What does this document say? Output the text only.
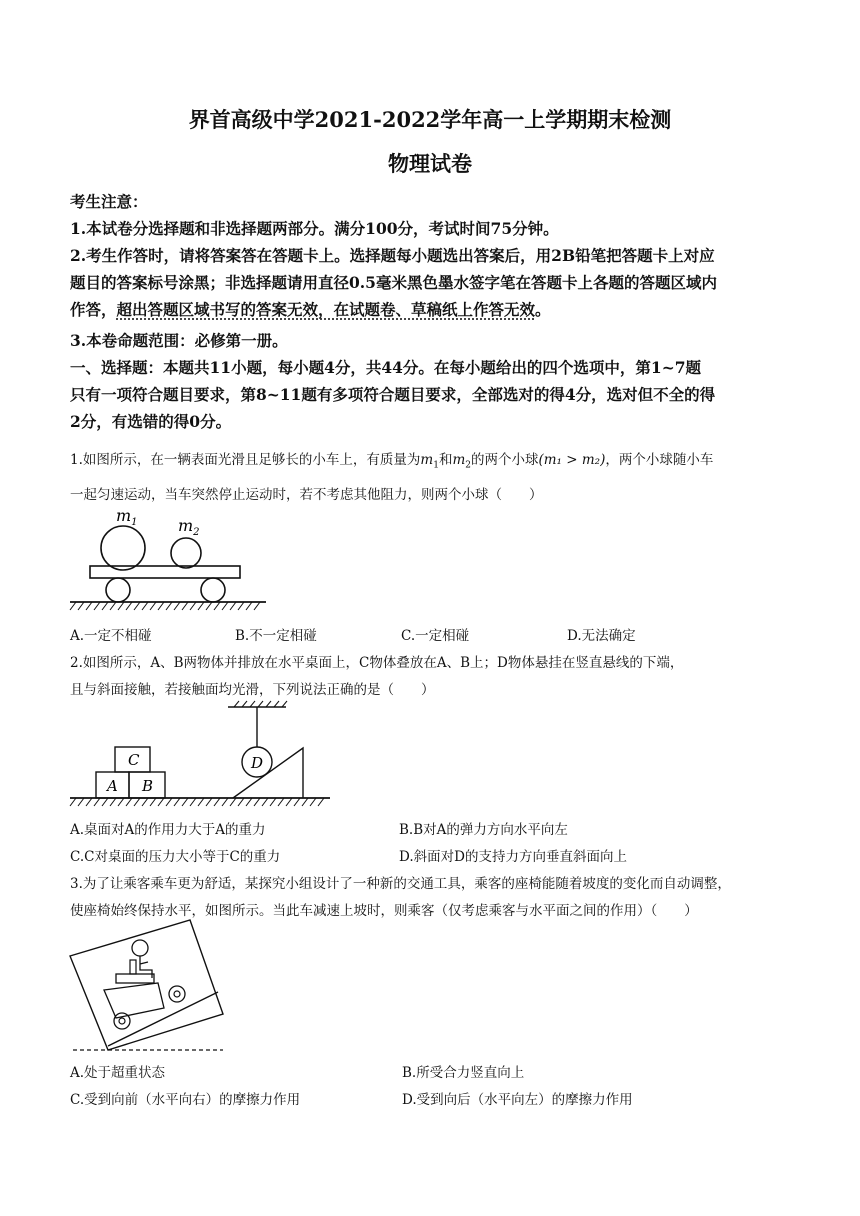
界首高级中学2021-2022学年高一上学期期末检测
物理试卷
考生注意：
1.本试卷分选择题和非选择题两部分。满分100分，考试时间75分钟。
2.考生作答时，请将答案答在答题卡上。选择题每小题选出答案后，用2B铅笔把答题卡上对应
题目的答案标号涂黑；非选择题请用直径0.5毫米黑色墨水签字笔在答题卡上各题的答题区域内
作答，超出答题区域书写的答案无效，在试题卷、草稿纸上作答无效。
3.本卷命题范围：必修第一册。
一、选择题：本题共11小题，每小题4分，共44分。在每小题给出的四个选项中，第1~7题
只有一项符合题目要求，第8~11题有多项符合题目要求，全部选对的得4分，选对但不全的得
2分，有选错的得0分。
1.如图所示，在一辆表面光滑且足够长的小车上，有质量为$m_1$和$m_2$的两个小球(m₁ > m₂)，两个小球随小车
一起匀速运动，当车突然停止运动时，若不考虑其他阻力，则两个小球（　　）
$m_1$	$m_2$
A.一定不相碰	B.不一定相碰	C.一定相碰	D.无法确定
2.如图所示，A、B两物体并排放在水平桌面上，C物体叠放在A、B上；D物体悬挂在竖直悬线的下端，
且与斜面接触，若接触面均光滑，下列说法正确的是（　　）
A B
C	D
A.桌面对A的作用力大于A的重力	B.B对A的弹力方向水平向左
C.C对桌面的压力大小等于C的重力	D.斜面对D的支持力方向垂直斜面向上
3.为了让乘客乘车更为舒适，某探究小组设计了一种新的交通工具，乘客的座椅能随着坡度的变化而自动调整，
使座椅始终保持水平，如图所示。当此车减速上坡时，则乘客（仅考虑乘客与水平面之间的作用）（　　）
A.处于超重状态	B.所受合力竖直向上
C.受到向前（水平向右）的摩擦力作用	D.受到向后（水平向左）的摩擦力作用
